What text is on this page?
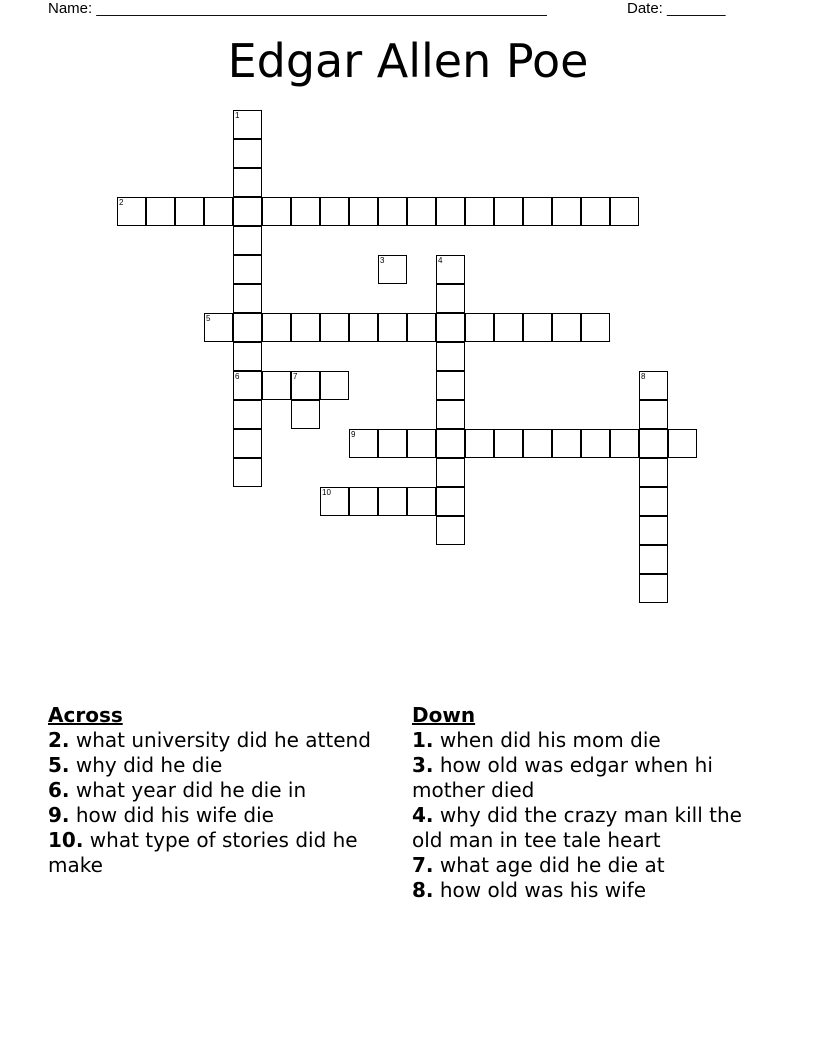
Name: ______________________________________________________	Date: _______
Edgar Allen Poe
1
6
2
3	4
5
7	8
9
10
Across
2. what university did he attend
5. why did he die
6. what year did he die in
9. how did his wife die
10. what type of stories did he make
Down
1. when did his mom die
3. how old was edgar when hi mother died
4. why did the crazy man kill the old man in tee tale heart
7. what age did he die at
8. how old was his wife
